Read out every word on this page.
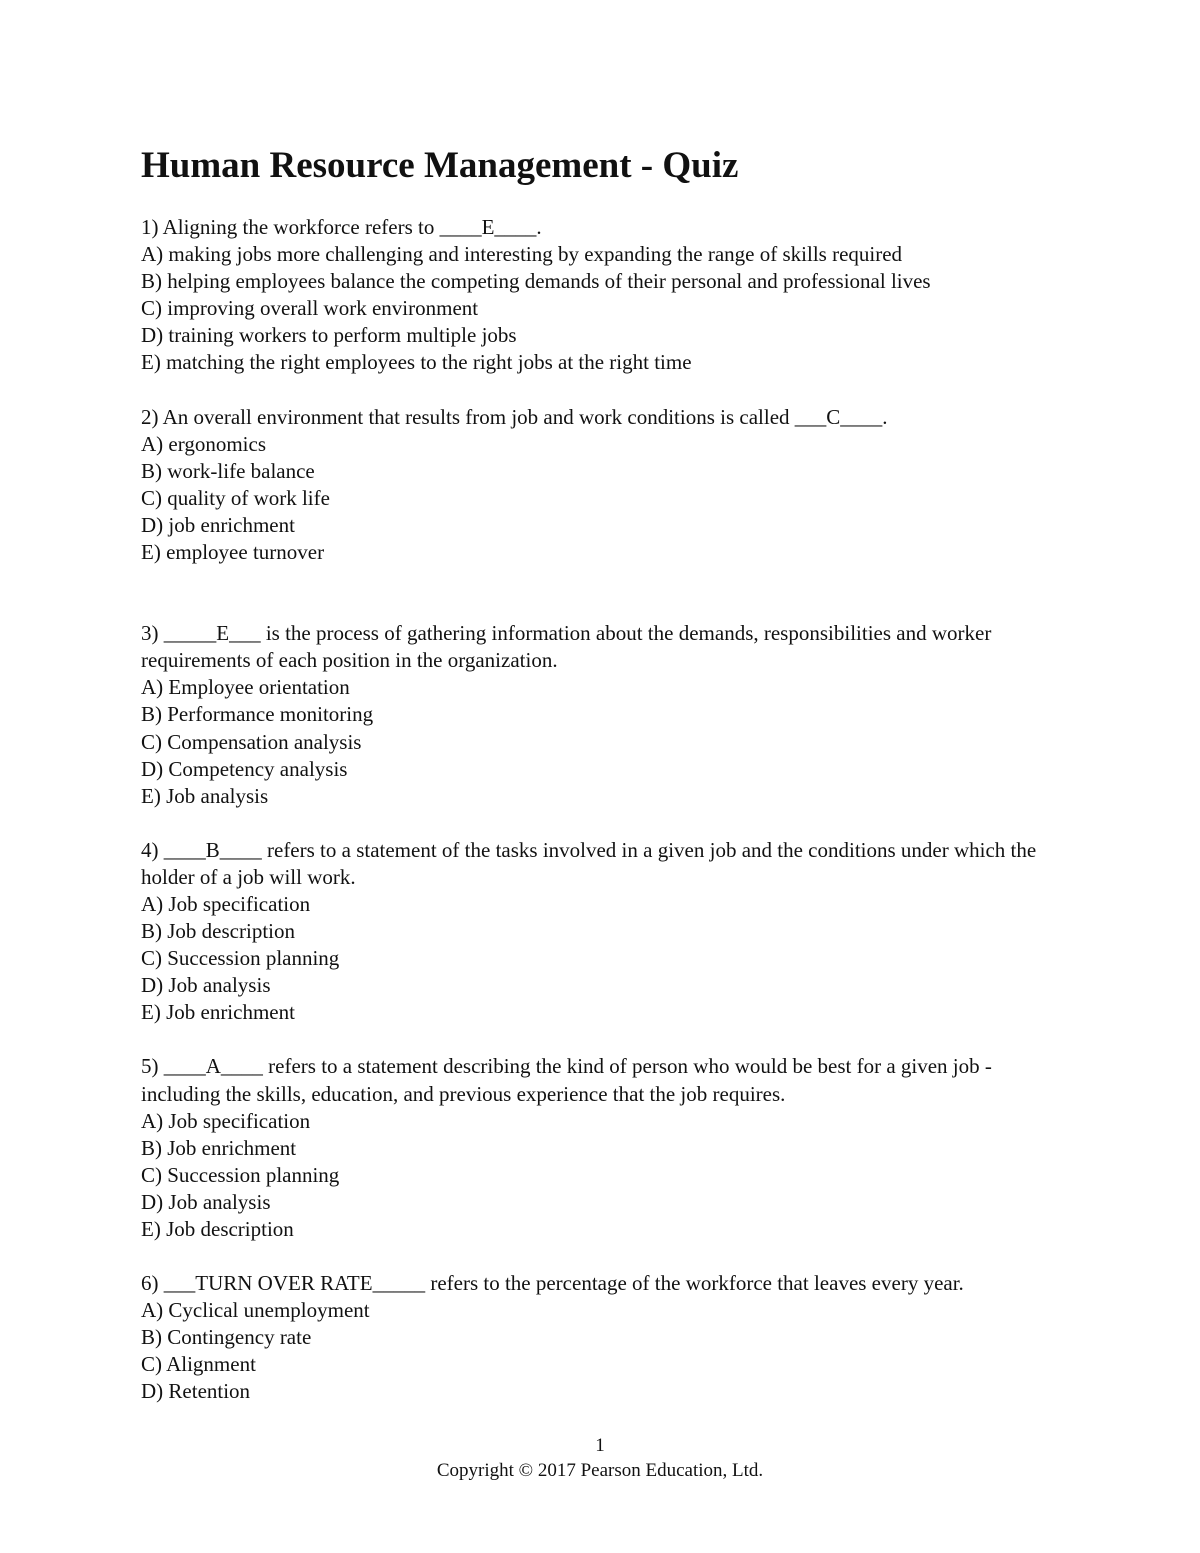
Human Resource Management - Quiz
1) Aligning the workforce refers to ____E____.
A) making jobs more challenging and interesting by expanding the range of skills required
B) helping employees balance the competing demands of their personal and professional lives
C) improving overall work environment
D) training workers to perform multiple jobs
E) matching the right employees to the right jobs at the right time
2) An overall environment that results from job and work conditions is called ___C____.
A) ergonomics
B) work-life balance
C) quality of work life
D) job enrichment
E) employee turnover
3) _____E___ is the process of gathering information about the demands, responsibilities and worker requirements of each position in the organization.
A) Employee orientation
B) Performance monitoring
C) Compensation analysis
D) Competency analysis
E) Job analysis
4) ____B____ refers to a statement of the tasks involved in a given job and the conditions under which the holder of a job will work.
A) Job specification
B) Job description
C) Succession planning
D) Job analysis
E) Job enrichment
5) ____A____ refers to a statement describing the kind of person who would be best for a given job - including the skills, education, and previous experience that the job requires.
A) Job specification
B) Job enrichment
C) Succession planning
D) Job analysis
E) Job description
6) ___TURN OVER RATE_____ refers to the percentage of the workforce that leaves every year.
A) Cyclical unemployment
B) Contingency rate
C) Alignment
D) Retention
1
Copyright © 2017 Pearson Education, Ltd.
